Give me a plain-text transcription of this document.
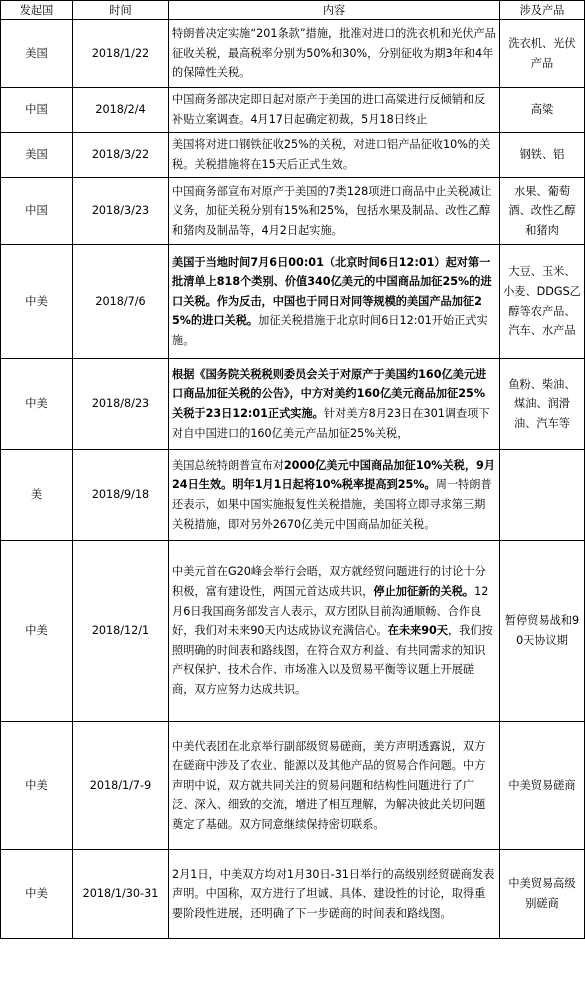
发起国	时间	内容	涉及产品
美国	2018/1/22	特朗普决定实施“201条款”措施，批准对进口的洗衣机和光伏产品征收关税，最高税率分别为50%和30%，分别征收为期3年和4年的保障性关税。	洗衣机、光伏产品
中国	2018/2/4	中国商务部决定即日起对原产于美国的进口高粱进行反倾销和反补贴立案调查。4月17日起确定初裁，5月18日终止	高粱
美国	2018/3/22	美国将对进口钢铁征收25%的关税，对进口铝产品征收10%的关税。关税措施将在15天后正式生效。	钢铁、铝
中国	2018/3/23	中国商务部宣布对原产于美国的7类128项进口商品中止关税减让义务，加征关税分别有15%和25%，包括水果及制品、改性乙醇和猪肉及制品等，4月2日起实施。	水果、葡萄酒、改性乙醇和猪肉
中美	2018/7/6	美国于当地时间7月6日00:01（北京时间6日12:01）起对第一批清单上818个类别、价值340亿美元的中国商品加征25%的进口关税。作为反击，中国也于同日对同等规模的美国产品加征25%的进口关税。加征关税措施于北京时间6日12:01开始正式实施。	大豆、玉米、小麦、DDGS乙醇等农产品、汽车、水产品
中美	2018/8/23	根据《国务院关税税则委员会关于对原产于美国约160亿美元进口商品加征关税的公告》，中方对美约160亿美元商品加征25%关税于23日12:01正式实施。针对美方8月23日在301调查项下对自中国进口的160亿美元产品加征25%关税，	鱼粉、柴油、煤油、润滑油、汽车等
美	2018/9/18	美国总统特朗普宣布对2000亿美元中国商品加征10%关税，9月24日生效。明年1月1日起将10%税率提高到25%。周一特朗普还表示，如果中国实施报复性关税措施，美国将立即寻求第三期关税措施，即对另外2670亿美元中国商品加征关税。	
中美	2018/12/1	中美元首在G20峰会举行会晤，双方就经贸问题进行的讨论十分积极，富有建设性，两国元首达成共识，停止加征新的关税。12月6日我国商务部发言人表示，双方团队目前沟通顺畅、合作良好，我们对未来90天内达成协议充满信心。在未来90天，我们按照明确的时间表和路线图，在符合双方利益、有共同需求的知识产权保护、技术合作、市场准入以及贸易平衡等议题上开展磋商，双方应努力达成共识。	暂停贸易战和90天协议期
中美	2018/1/7-9	中美代表团在北京举行副部级贸易磋商，美方声明透露说，双方在磋商中涉及了农业、能源以及其他产品的贸易合作问题。中方声明中说，双方就共同关注的贸易问题和结构性问题进行了广泛、深入、细致的交流，增进了相互理解，为解决彼此关切问题奠定了基础。双方同意继续保持密切联系。	中美贸易磋商
中美	2018/1/30-31	2月1日，中美双方均对1月30日-31日举行的高级别经贸磋商发表声明。中国称，双方进行了坦诚、具体、建设性的讨论，取得重要阶段性进展，还明确了下一步磋商的时间表和路线图。	中美贸易高级别磋商
